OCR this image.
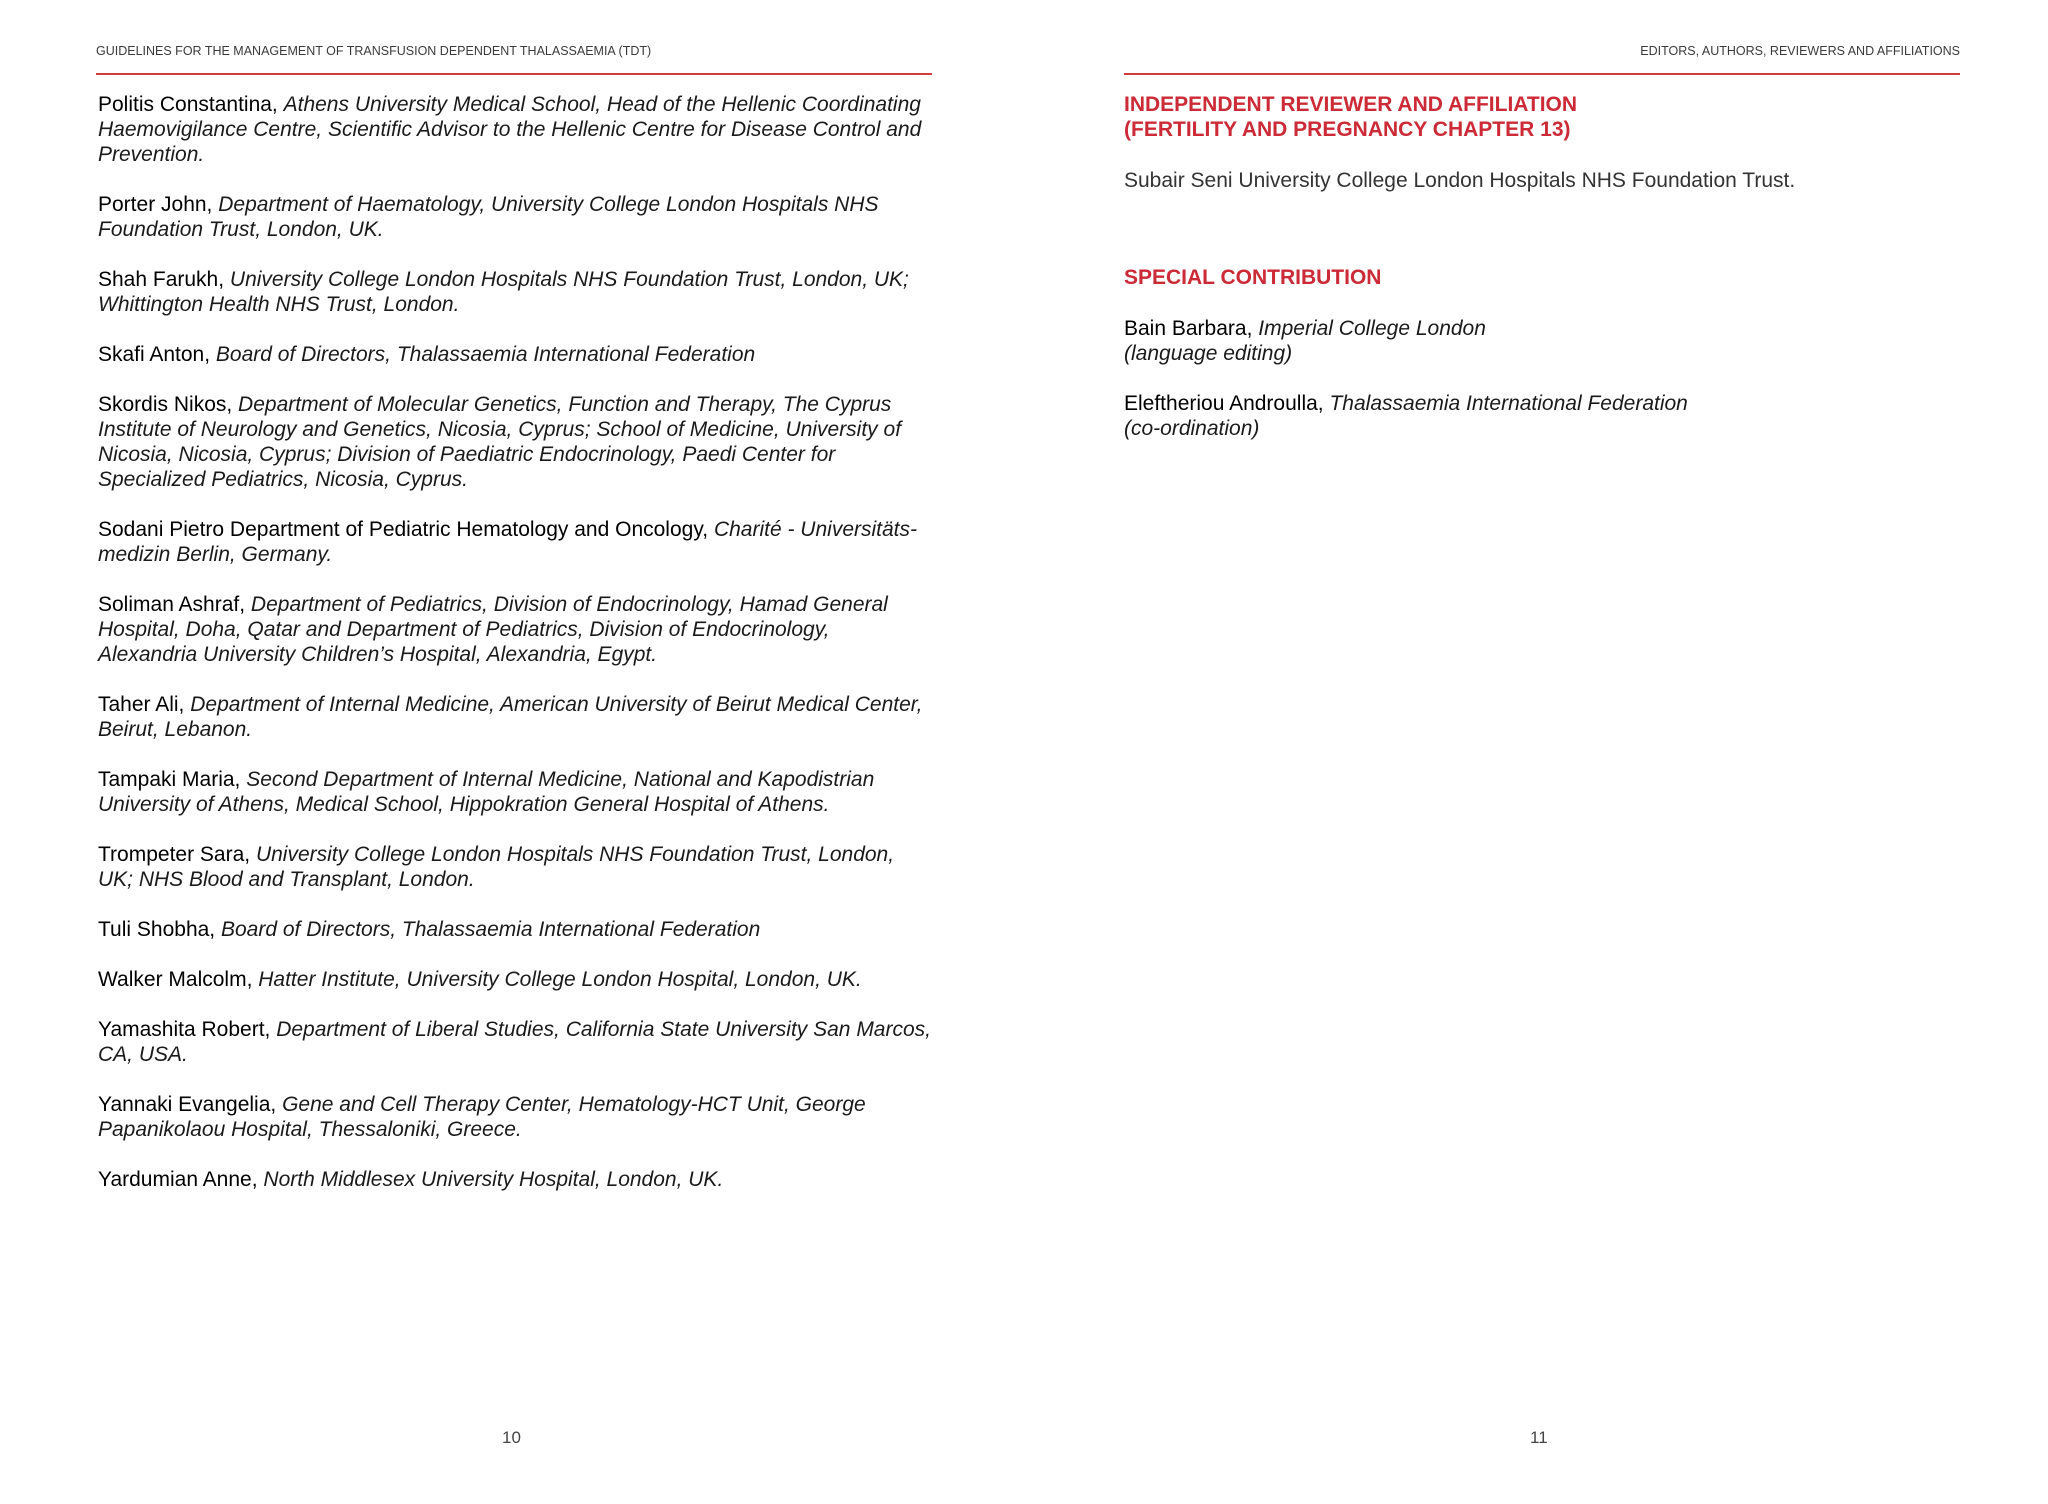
GUIDELINES FOR THE MANAGEMENT OF TRANSFUSION DEPENDENT THALASSAEMIA (TDT)

Politis Constantina, Athens University Medical School, Head of the Hellenic Coordinating Haemovigilance Centre, Scientific Advisor to the Hellenic Centre for Disease Control and Prevention.

Porter John, Department of Haematology, University College London Hospitals NHS Foundation Trust, London, UK.

Shah Farukh, University College London Hospitals NHS Foundation Trust, London, UK; Whittington Health NHS Trust, London.

Skafi Anton, Board of Directors, Thalassaemia International Federation

Skordis Nikos, Department of Molecular Genetics, Function and Therapy, The Cyprus Institute of Neurology and Genetics, Nicosia, Cyprus; School of Medicine, University of Nicosia, Nicosia, Cyprus; Division of Paediatric Endocrinology, Paedi Center for Specialized Pediatrics, Nicosia, Cyprus.

Sodani Pietro Department of Pediatric Hematology and Oncology, Charité - Universitäts-medizin Berlin, Germany.

Soliman Ashraf, Department of Pediatrics, Division of Endocrinology, Hamad General Hospital, Doha, Qatar and Department of Pediatrics, Division of Endocrinology, Alexandria University Children’s Hospital, Alexandria, Egypt.

Taher Ali, Department of Internal Medicine, American University of Beirut Medical Center, Beirut, Lebanon.

Tampaki Maria, Second Department of Internal Medicine, National and Kapodistrian University of Athens, Medical School, Hippokration General Hospital of Athens.

Trompeter Sara, University College London Hospitals NHS Foundation Trust, London, UK; NHS Blood and Transplant, London.

Tuli Shobha, Board of Directors, Thalassaemia International Federation

Walker Malcolm, Hatter Institute, University College London Hospital, London, UK.

Yamashita Robert, Department of Liberal Studies, California State University San Marcos, CA, USA.

Yannaki Evangelia, Gene and Cell Therapy Center, Hematology-HCT Unit, George Papanikolaou Hospital, Thessaloniki, Greece.

Yardumian Anne, North Middlesex University Hospital, London, UK.

10
EDITORS, AUTHORS, REVIEWERS AND AFFILIATIONS
INDEPENDENT REVIEWER AND AFFILIATION
(FERTILITY AND PREGNANCY CHAPTER 13)

Subair Seni University College London Hospitals NHS Foundation Trust.

SPECIAL CONTRIBUTION

Bain Barbara, Imperial College London
(language editing)

Eleftheriou Androulla, Thalassaemia International Federation
(co-ordination)

11
